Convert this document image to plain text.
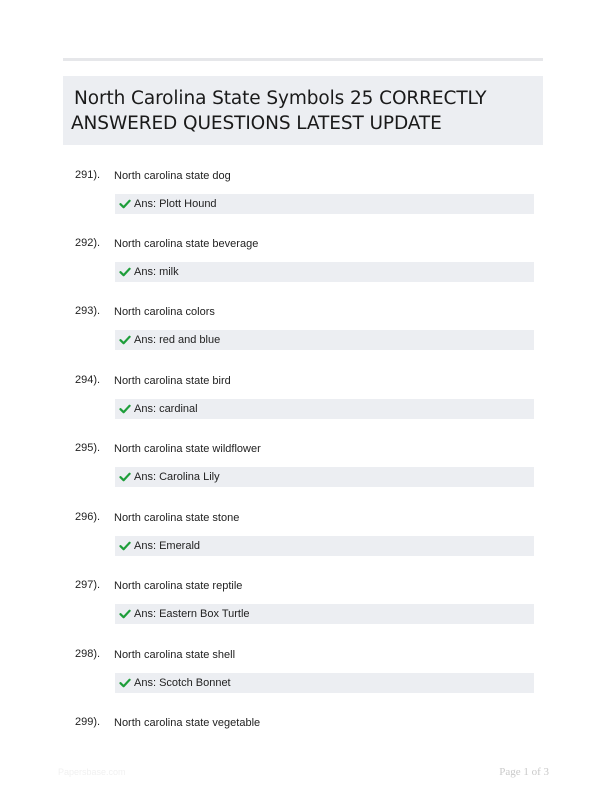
North Carolina State Symbols 25 CORRECTLY
ANSWERED QUESTIONS LATEST UPDATE
291). North carolina state dog
Ans: Plott Hound
292). North carolina state beverage
Ans: milk
293). North carolina colors
Ans: red and blue
294). North carolina state bird
Ans: cardinal
295). North carolina state wildflower
Ans: Carolina Lily
296). North carolina state stone
Ans: Emerald
297). North carolina state reptile
Ans: Eastern Box Turtle
298). North carolina state shell
Ans: Scotch Bonnet
299). North carolina state vegetable
Papersbase.com	Page 1 of 3
